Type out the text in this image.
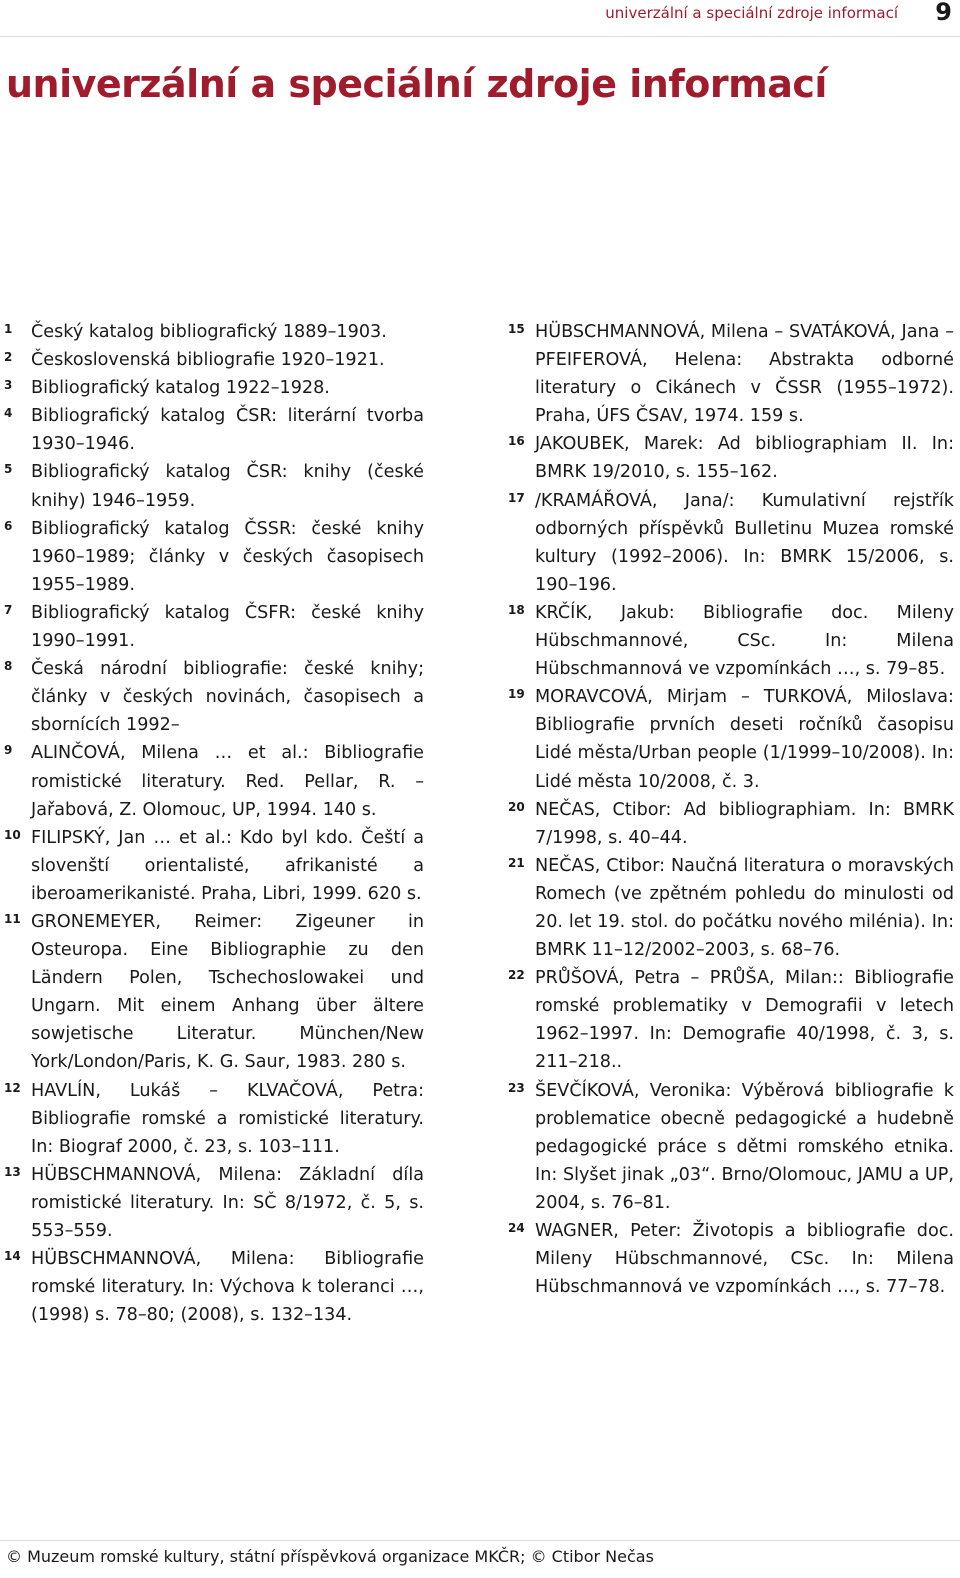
univerzální a speciální zdroje informací 9
univerzální a speciální zdroje informací
1 Český katalog bibliografický 1889–1903.
2 Československá bibliografie 1920–1921.
3 Bibliografický katalog 1922–1928.
4 Bibliografický katalog ČSR: literární tvorba 1930–1946.
5 Bibliografický katalog ČSR: knihy (české knihy) 1946–1959.
6 Bibliografický katalog ČSSR: české knihy 1960–1989; články v českých časopisech 1955–1989.
7 Bibliografický katalog ČSFR: české knihy 1990–1991.
8 Česká národní bibliografie: české knihy; články v českých novinách, časopisech a sbornících 1992–
9 ALINČOVÁ, Milena … et al.: Bibliografie romistické literatury. Red. Pellar, R. – Jařabová, Z. Olomouc, UP, 1994. 140 s.
10 FILIPSKÝ, Jan … et al.: Kdo byl kdo. Čeští a slovenští orientalisté, afrikanisté a iberoamerikanisté. Praha, Libri, 1999. 620 s.
11 GRONEMEYER, Reimer: Zigeuner in Osteuropa. Eine Bibliographie zu den Ländern Polen, Tschechoslowakei und Ungarn. Mit einem Anhang über ältere sowjetische Literatur. München/New York/London/Paris, K. G. Saur, 1983. 280 s.
12 HAVLÍN, Lukáš – KLVAČOVÁ, Petra: Bibliografie romské a romistické literatury. In: Biograf 2000, č. 23, s. 103–111.
13 HÜBSCHMANNOVÁ, Milena: Základní díla romistické literatury. In: SČ 8/1972, č. 5, s. 553–559.
14 HÜBSCHMANNOVÁ, Milena: Bibliografie romské literatury. In: Výchova k toleranci …, (1998) s. 78–80; (2008), s. 132–134.
15 HÜBSCHMANNOVÁ, Milena – SVATÁKOVÁ, Jana – PFEIFEROVÁ, Helena: Abstrakta odborné literatury o Cikánech v ČSSR (1955–1972). Praha, ÚFS ČSAV, 1974. 159 s.
16 JAKOUBEK, Marek: Ad bibliographiam II. In: BMRK 19/2010, s. 155–162.
17 /KRAMÁŘOVÁ, Jana/: Kumulativní rejstřík odborných příspěvků Bulletinu Muzea romské kultury (1992–2006). In: BMRK 15/2006, s. 190–196.
18 KRČÍK, Jakub: Bibliografie doc. Mileny Hübschmannové, CSc. In: Milena Hübschmannová ve vzpomínkách …, s. 79–85.
19 MORAVCOVÁ, Mirjam – TURKOVÁ, Miloslava: Bibliografie prvních deseti ročníků časopisu Lidé města/Urban people (1/1999–10/2008). In: Lidé města 10/2008, č. 3.
20 NEČAS, Ctibor: Ad bibliographiam. In: BMRK 7/1998, s. 40–44.
21 NEČAS, Ctibor: Naučná literatura o moravských Romech (ve zpětném pohledu do minulosti od 20. let 19. stol. do počátku nového milénia). In: BMRK 11–12/2002–2003, s. 68–76.
22 PRŮŠOVÁ, Petra – PRŮŠA, Milan:: Bibliografie romské problematiky v Demografii v letech 1962–1997. In: Demografie 40/1998, č. 3, s. 211–218..
23 ŠEVČÍKOVÁ, Veronika: Výběrová bibliografie k problematice obecně pedagogické a hudebně pedagogické práce s dětmi romského etnika. In: Slyšet jinak „03“. Brno/Olomouc, JAMU a UP, 2004, s. 76–81.
24 WAGNER, Peter: Životopis a bibliografie doc. Mileny Hübschmannové, CSc. In: Milena Hübschmannová ve vzpomínkách …, s. 77–78.
© Muzeum romské kultury, státní příspěvková organizace MKČR; © Ctibor Nečas
